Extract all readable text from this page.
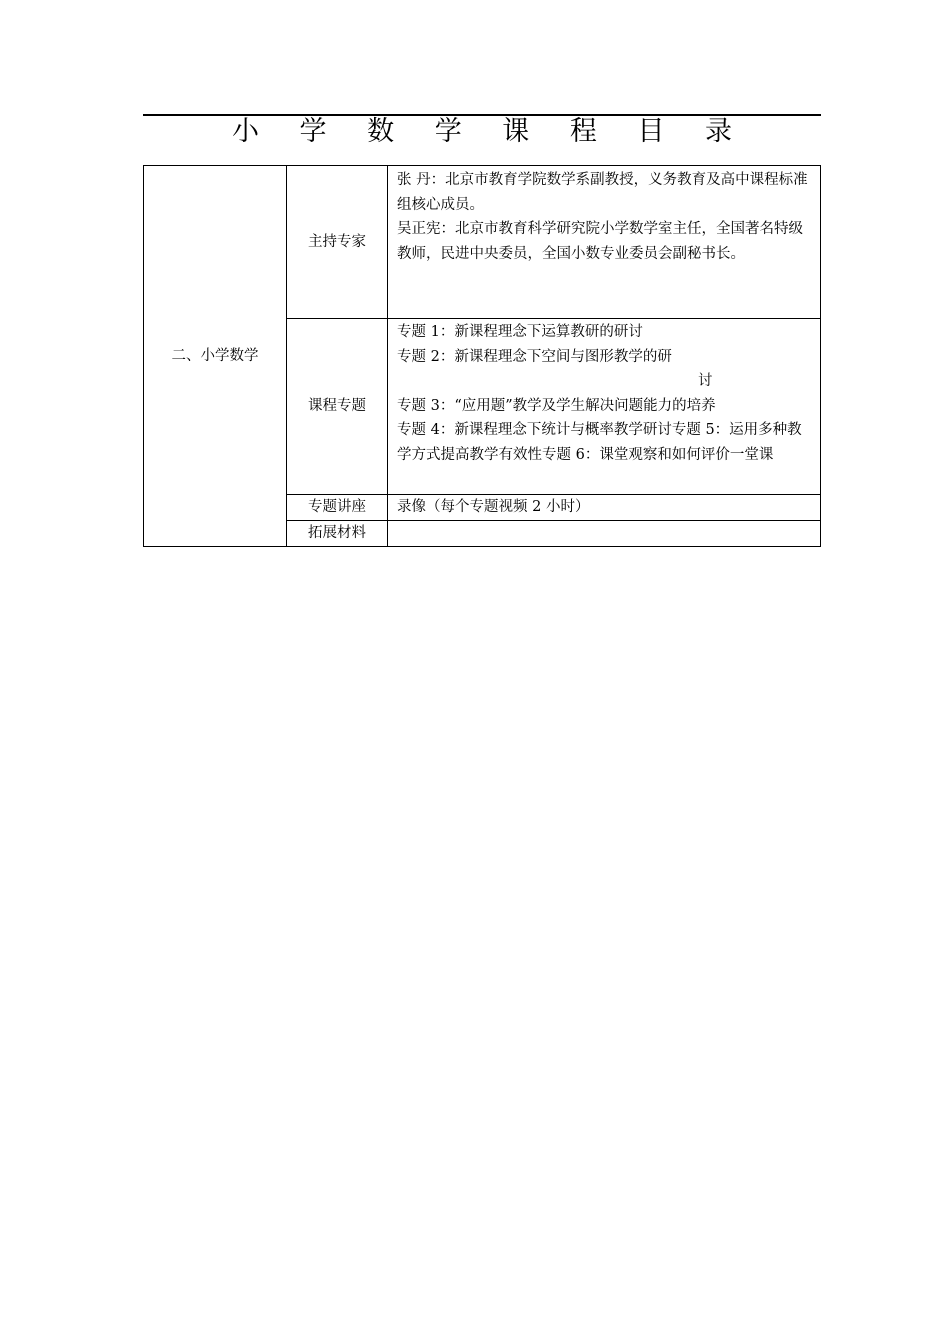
小 学 数 学 课 程 目 录
二、小学数学	主持专家	张 丹：北京市教育学院数学系副教授，义务教育及高中课程标准组核心成员。
吴正宪：北京市教育科学研究院小学数学室主任，全国著名特级教师，民进中央委员，全国小数专业委员会副秘书长。

	课程专题	专题 1：新课程理念下运算教研的研讨
专题 2：新课程理念下空间与图形教学的研
讨
专题 3：“应用题”教学及学生解决问题能力的培养
专题 4：新课程理念下统计与概率教学研讨专题 5：运用多种教学方式提高教学有效性专题 6：课堂观察和如何评价一堂课

	专题讲座	录像（每个专题视频 2 小时）
	拓展材料	
